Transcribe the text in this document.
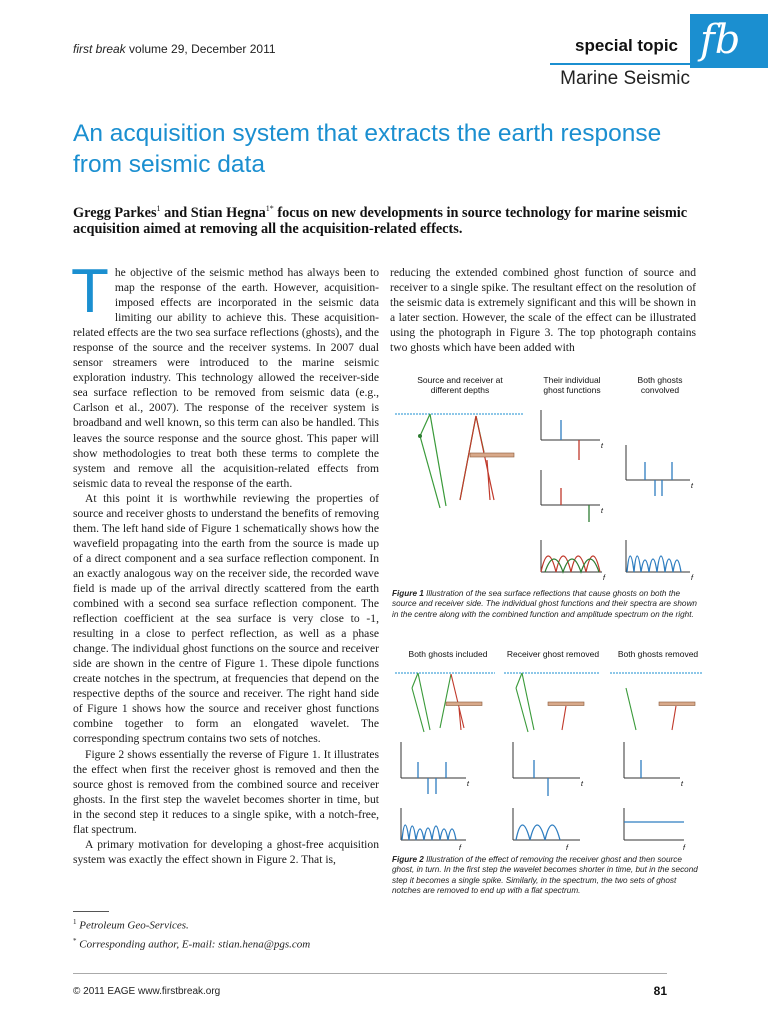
first break volume 29, December 2011	special topic fb
Marine Seismic
An acquisition system that extracts the earth response from seismic data
Gregg Parkes$^1$ and Stian Hegna$^{1*}$ focus on new developments in source technology for marine seismic acquisition aimed at removing all the acquisition-related effects.

The objective of the seismic method has always been to map the response of the earth. However, acquisition-imposed effects are incorporated in the seismic data limiting our ability to achieve this. These acquisition-related effects are the two sea surface reflections (ghosts), and the response of the source and the receiver systems. In 2007 dual sensor streamers were introduced to the marine seismic exploration industry. This technology allowed the receiver-side sea surface reflection to be removed from seismic data (e.g., Carlson et al., 2007). The response of the receiver system is broadband and well known, so this term can also be handled. This leaves the source response and the source ghost. This paper will show methodologies to treat both these terms to complete the system and remove all the acquisition-related effects from seismic data to reveal the response of the earth.

At this point it is worthwhile reviewing the properties of source and receiver ghosts to understand the benefits of removing them. The left hand side of Figure 1 schematically shows how the wavefield propagating into the earth from the source is made up of a direct component and a sea surface reflection component. In an exactly analogous way on the receiver side, the recorded wave field is made up of the arrival directly scattered from the earth combined with a second sea surface reflection component. The reflection coefficient at the sea surface is very close to -1, resulting in a close to perfect reflection, as well as a phase change. The individual ghost functions on the source and receiver side are shown in the centre of Figure 1. These dipole functions create notches in the spectrum, at frequencies that depend on the respective depths of the source and receiver. The right hand side of Figure 1 shows how the source and receiver ghost functions combine together to form an elongated wavelet. The corresponding spectrum contains two sets of notches.

Figure 2 shows essentially the reverse of Figure 1. It illustrates the effect when first the receiver ghost is removed and then the source ghost is removed from the combined source and receiver ghosts. In the first step the wavelet becomes shorter in time, but in the second step it reduces to a single spike, with a notch-free, flat spectrum.

A primary motivation for developing a ghost-free acquisition system was exactly the effect shown in Figure 2. That is,

reducing the extended combined ghost function of source and receiver to a single spike. The resultant effect on the resolution of the seismic data is extremely significant and this will be shown in a later section. However, the scale of the effect can be illustrated using the photograph in Figure 3. The top photograph contains two ghosts which have been added with

Source and receiver at different depths
Their individual ghost functions
Both ghosts convolved
t
t
t
f	f
Figure 1 Illustration of the sea surface reflections that cause ghosts on both the source and receiver side. The individual ghost functions and their spectra are shown in the centre along with the combined function and amplitude spectrum on the right.
Both ghosts included	Receiver ghost removed	Both ghosts removed
t	t	t
f	f	f
Figure 2 Illustration of the effect of removing the receiver ghost and then source ghost, in turn. In the first step the wavelet becomes shorter in time, but in the second step it becomes a single spike. Similarly, in the spectrum, the two sets of ghost notches are removed to end up with a flat spectrum.
$^1$ Petroleum Geo-Services.
* Corresponding author, E-mail: stian.hena@pgs.com
© 2011 EAGE www.firstbreak.org	81
